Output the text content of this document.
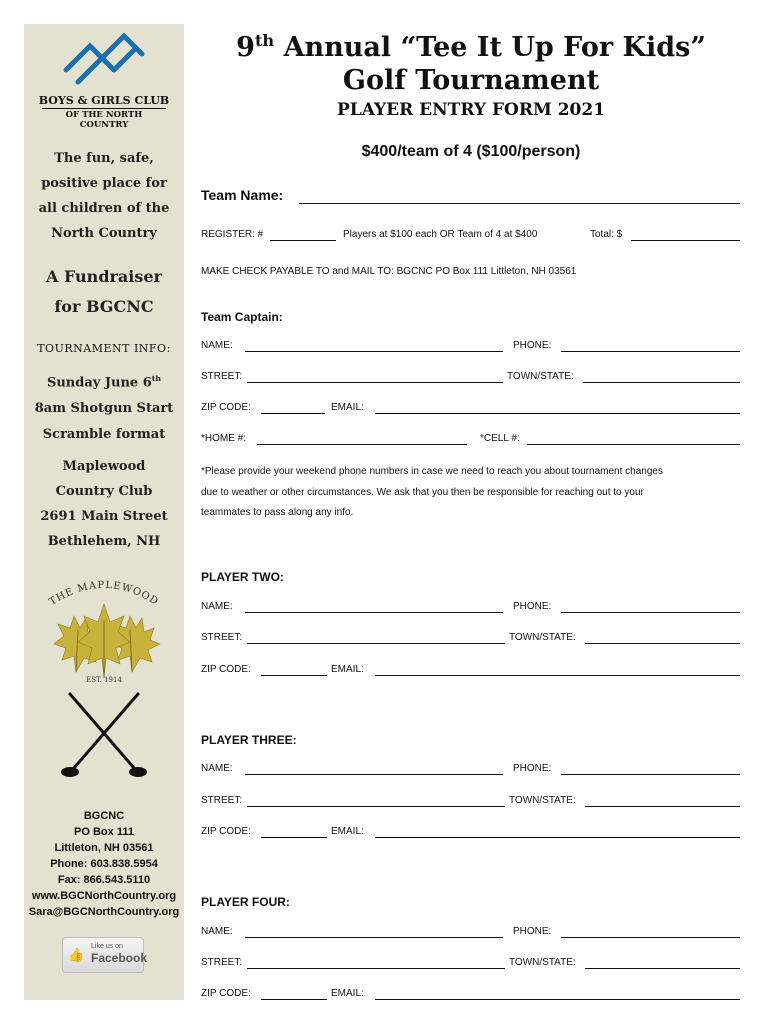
BOYS & GIRLS CLUB
OF THE NORTH COUNTRY
The fun, safe,
positive place for
all children of the
North Country
A Fundraiser
for BGCNC
TOURNAMENT INFO:
Sunday June 6th
8am Shotgun Start
Scramble format
Maplewood
Country Club
2691 Main Street
Bethlehem, NH
THE MAPLEWOOD
EST. 1914
BGCNC
PO Box 111
Littleton, NH 03561
Phone: 603.838.5954
Fax: 866.543.5110
www.BGCNorthCountry.org
Sara@BGCNorthCountry.org
👍
Like us on
Facebook
9th Annual “Tee It Up For Kids”
Golf Tournament
PLAYER ENTRY FORM 2021
$400/team of 4 ($100/person)
Team Name:
REGISTER: #	Players at $100 each OR Team of 4 at $400	Total: $
MAKE CHECK PAYABLE TO and MAIL TO: BGCNC PO Box 111 Littleton, NH 03561
Team Captain:
NAME:	PHONE:
STREET:	TOWN/STATE:
ZIP CODE:	EMAIL:
*HOME #:	*CELL #:
*Please provide your weekend phone numbers in case we need to reach you about tournament changes
due to weather or other circumstances. We ask that you then be responsible for reaching out to your
teammates to pass along any info.
PLAYER TWO:
NAME:	PHONE:
STREET:	TOWN/STATE:
ZIP CODE:	EMAIL:
PLAYER THREE:
NAME:	PHONE:
STREET:	TOWN/STATE:
ZIP CODE:	EMAIL:
PLAYER FOUR:
NAME:	PHONE:
STREET:	TOWN/STATE:
ZIP CODE:	EMAIL:
